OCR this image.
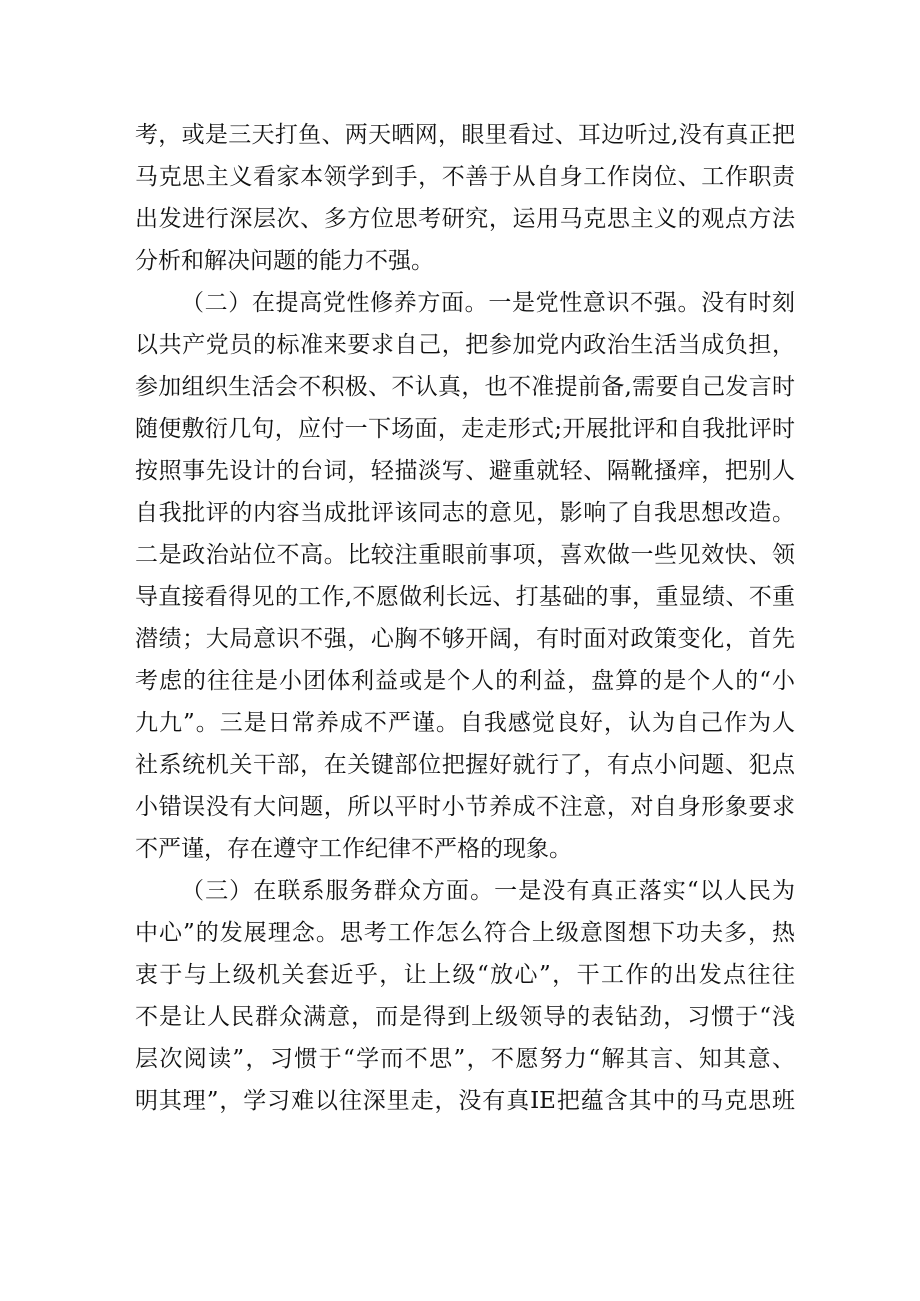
考，或是三天打鱼、两天晒网，眼里看过、耳边听过,没有真正把
马克思主义看家本领学到手，不善于从自身工作岗位、工作职责
出发进行深层次、多方位思考研究，运用马克思主义的观点方法
分析和解决问题的能力不强。
（二）在提高党性修养方面。一是党性意识不强。没有时刻
以共产党员的标准来要求自己，把参加党内政治生活当成负担，
参加组织生活会不积极、不认真，也不准提前备,需要自己发言时
随便敷衍几句，应付一下场面，走走形式;开展批评和自我批评时
按照事先设计的台词，轻描淡写、避重就轻、隔靴搔痒，把别人
自我批评的内容当成批评该同志的意见，影响了自我思想改造。
二是政治站位不高。比较注重眼前事项，喜欢做一些见效快、领
导直接看得见的工作,不愿做利长远、打基础的事，重显绩、不重
潜绩；大局意识不强，心胸不够开阔，有时面对政策变化，首先
考虑的往往是小团体利益或是个人的利益，盘算的是个人的“小
九九”。三是日常养成不严谨。自我感觉良好，认为自己作为人
社系统机关干部，在关键部位把握好就行了，有点小问题、犯点
小错误没有大问题，所以平时小节养成不注意，对自身形象要求
不严谨，存在遵守工作纪律不严格的现象。
（三）在联系服务群众方面。一是没有真正落实“以人民为
中心”的发展理念。思考工作怎么符合上级意图想下功夫多，热
衷于与上级机关套近乎，让上级“放心”，干工作的出发点往往
不是让人民群众满意，而是得到上级领导的表钻劲，习惯于“浅
层次阅读”，习惯于“学而不思”，不愿努力“解其言、知其意、
明其理”，学习难以往深里走，没有真IE把蕴含其中的马克思班
